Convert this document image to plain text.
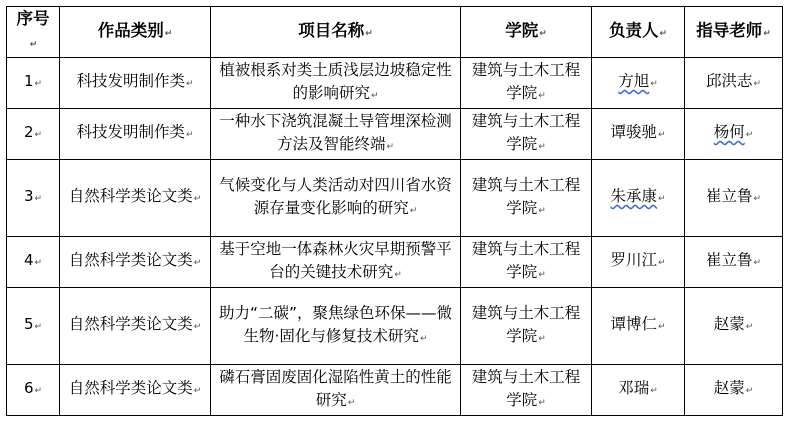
序号↵	作品类别↵	项目名称↵	学院↵	负责人↵	指导老师↵
1↵	科技发明制作类↵	植被根系对类土质浅层边坡稳定性的影响研究↵	建筑与土木工程学院↵	方旭↵	邱洪志↵
2↵	科技发明制作类↵	一种水下浇筑混凝土导管埋深检测方法及智能终端↵	建筑与土木工程学院↵	谭骏驰↵	杨何↵
3↵	自然科学类论文类↵	气候变化与人类活动对四川省水资源存量变化影响的研究↵	建筑与土木工程学院↵	朱承康↵	崔立鲁↵
4↵	自然科学类论文类↵	基于空地一体森林火灾早期预警平台的关键技术研究↵	建筑与土木工程学院↵	罗川江↵	崔立鲁↵
5↵	自然科学类论文类↵	助力“二碳”，聚焦绿色环保——微生物·固化与修复技术研究↵	建筑与土木工程学院↵	谭博仁↵	赵蒙↵
6↵	自然科学类论文类↵	磷石膏固废固化湿陷性黄土的性能研究↵	建筑与土木工程学院↵	邓瑞↵	赵蒙↵
